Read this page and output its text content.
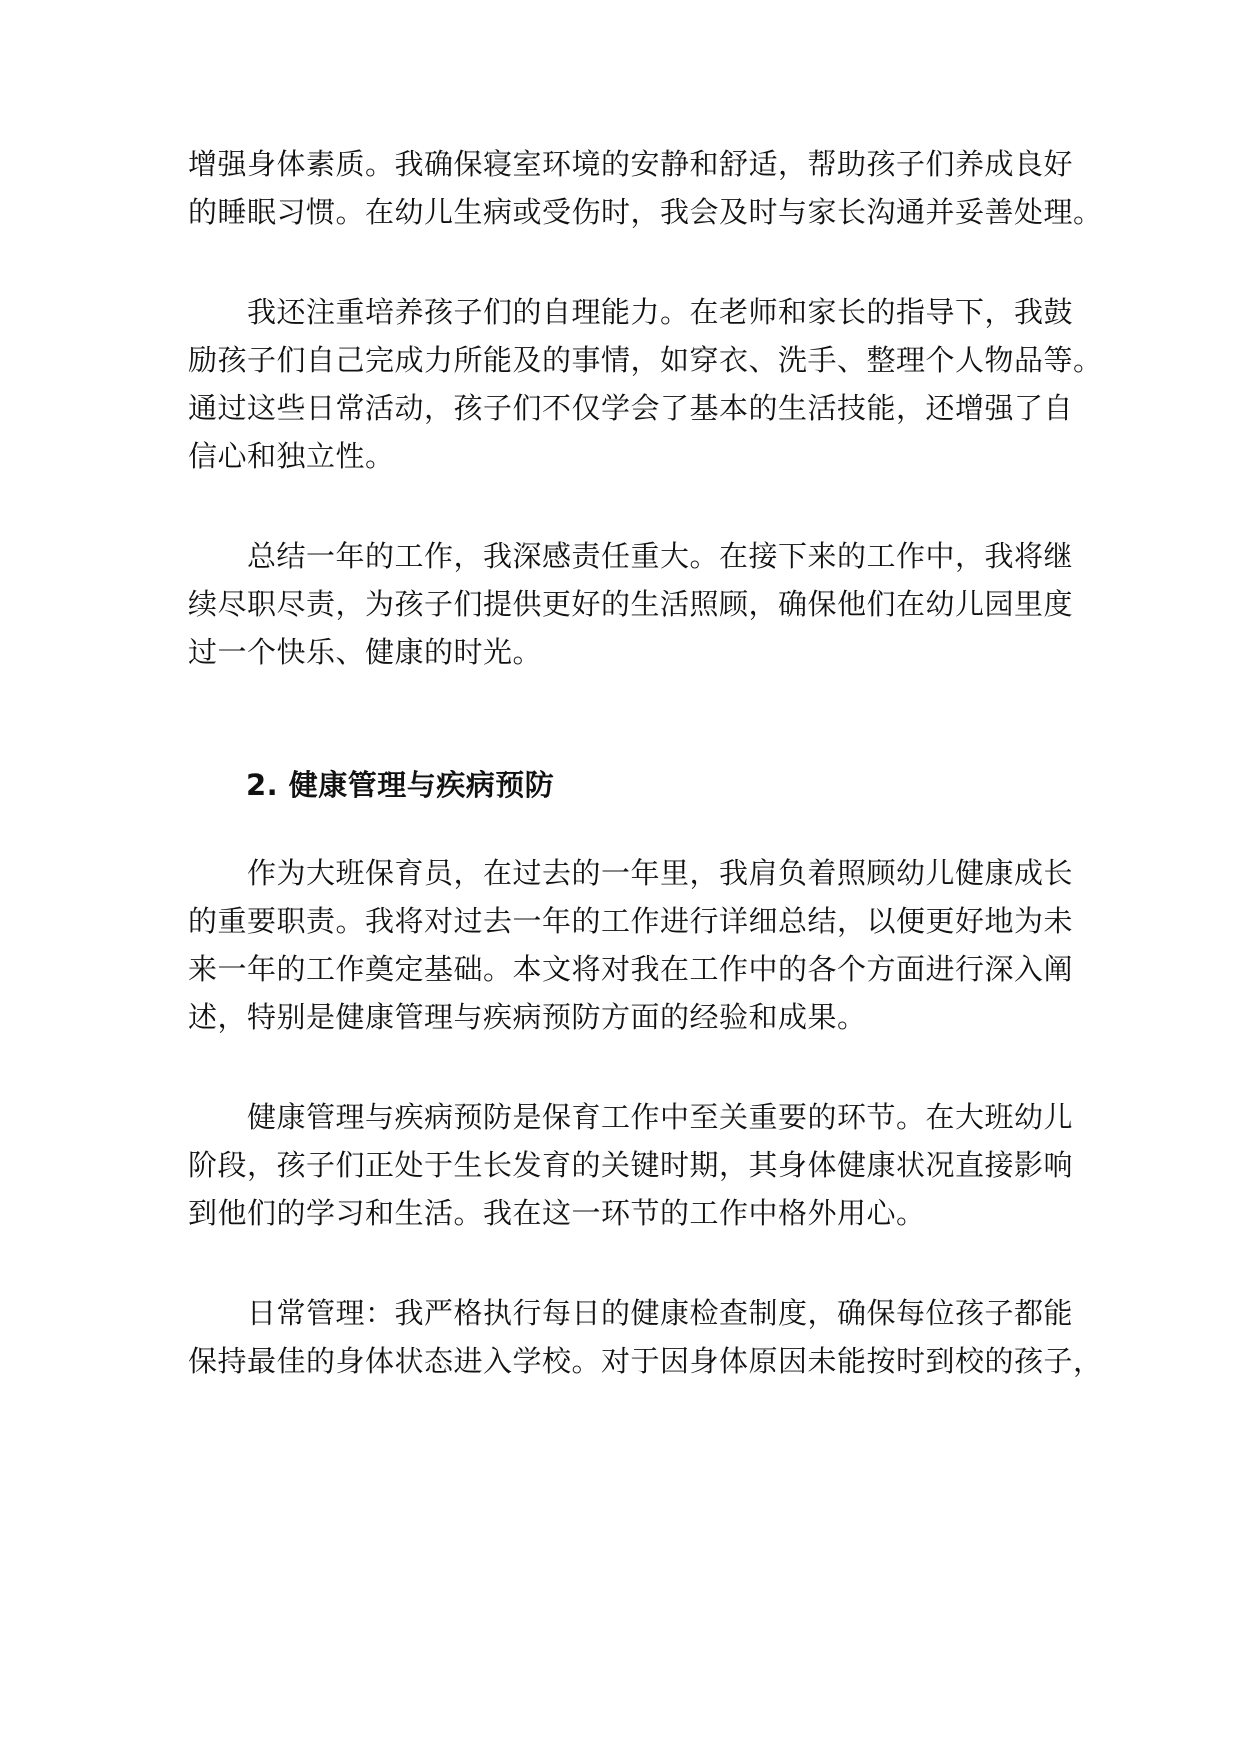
增强身体素质。我确保寝室环境的安静和舒适，帮助孩子们养成良好
的睡眠习惯。在幼儿生病或受伤时，我会及时与家长沟通并妥善处理。

　　我还注重培养孩子们的自理能力。在老师和家长的指导下，我鼓
励孩子们自己完成力所能及的事情，如穿衣、洗手、整理个人物品等。
通过这些日常活动，孩子们不仅学会了基本的生活技能，还增强了自
信心和独立性。

　　总结一年的工作，我深感责任重大。在接下来的工作中，我将继
续尽职尽责，为孩子们提供更好的生活照顾，确保他们在幼儿园里度
过一个快乐、健康的时光。

2. 健康管理与疾病预防

　　作为大班保育员，在过去的一年里，我肩负着照顾幼儿健康成长
的重要职责。我将对过去一年的工作进行详细总结，以便更好地为未
来一年的工作奠定基础。本文将对我在工作中的各个方面进行深入阐
述，特别是健康管理与疾病预防方面的经验和成果。

　　健康管理与疾病预防是保育工作中至关重要的环节。在大班幼儿
阶段，孩子们正处于生长发育的关键时期，其身体健康状况直接影响
到他们的学习和生活。我在这一环节的工作中格外用心。

　　日常管理：我严格执行每日的健康检查制度，确保每位孩子都能
保持最佳的身体状态进入学校。对于因身体原因未能按时到校的孩子，
